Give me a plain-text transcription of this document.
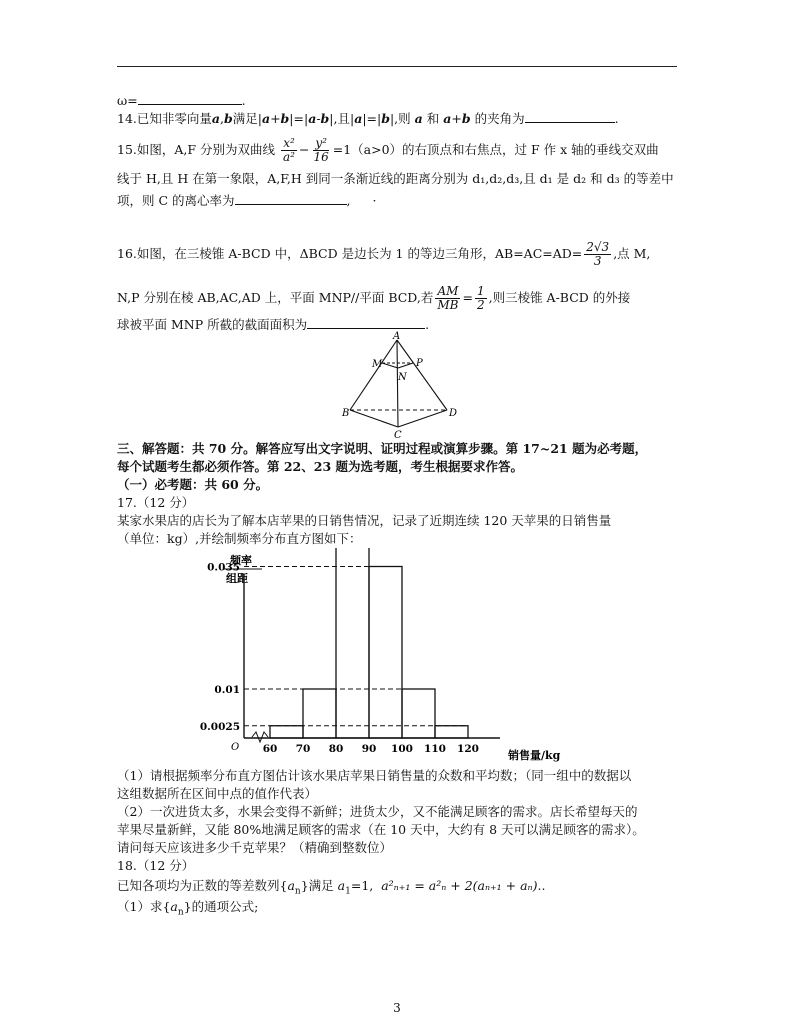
ω=	.
14.已知非零向量a,b满足|a+b|=|a-b|,且|a|=|b|,则 a 和 a+b 的夹角为	.
15.如图，A,F 分别为双曲线 $\frac{\text{x²}}{\text{a²}} - \frac{\text{y²}}{16} =1(a>0)$的右顶点和右焦点，过 F 作 x 轴的垂线交双曲
线于 H,且 H 在第一象限，A,F,H 到同一条渐近线的距离分别为 d₁,d₂,d₃,且 d₁ 是 d₂ 和 d₃ 的等差中
项，则 C 的离心率为	, ·
16.如图，在三棱锥 A-BCD 中，ΔBCD 是边长为 1 的等边三角形，$AB=AC=AD= \frac{2√3}{3}$ ,点 M,
N,P 分别在棱 AB,AC,AD 上，平面 MNP//平面 BCD,若 $\frac{AM}{MB} = \frac{1}{2}$ ,则三棱锥 A-BCD 的外接
球被平面 MNP 所截的截面面积为	.
A
M	P
N
B
C
D
三、解答题：共 70 分。解答应写出文字说明、证明过程或演算步骤。第 17~21 题为必考题，
每个试题考生都必须作答。第 22、23 题为选考题，考生根据要求作答。
（一）必考题：共 60 分。
17.（12 分）
某家水果店的店长为了解本店苹果的日销售情况，记录了近期连续 120 天苹果的日销售量
（单位：kg）,并绘制频率分布直方图如下：
频率
组距
O
销售量/kg
0.0025
0.01
0.035
60 70 80 90 100 110 120
（1）请根据频率分布直方图估计该水果店苹果日销售量的众数和平均数；（同一组中的数据以
这组数据所在区间中点的值作代表）
（2）一次进货太多，水果会变得不新鲜；进货太少，又不能满足顾客的需求。店长希望每天的
苹果尽量新鲜，又能 80%地满足顾客的需求（在 10 天中，大约有 8 天可以满足顾客的需求）。
请问每天应该进多少千克苹果？（精确到整数位）
18.（12 分）
已知各项均为正数的等差数列$\{a_n\}$满足 $a_1=1$, a²ₙ₊₁ = a²ₙ + 2(aₙ₊₁ + aₙ)..
（1）求$\{a_n\}$的通项公式;
3
